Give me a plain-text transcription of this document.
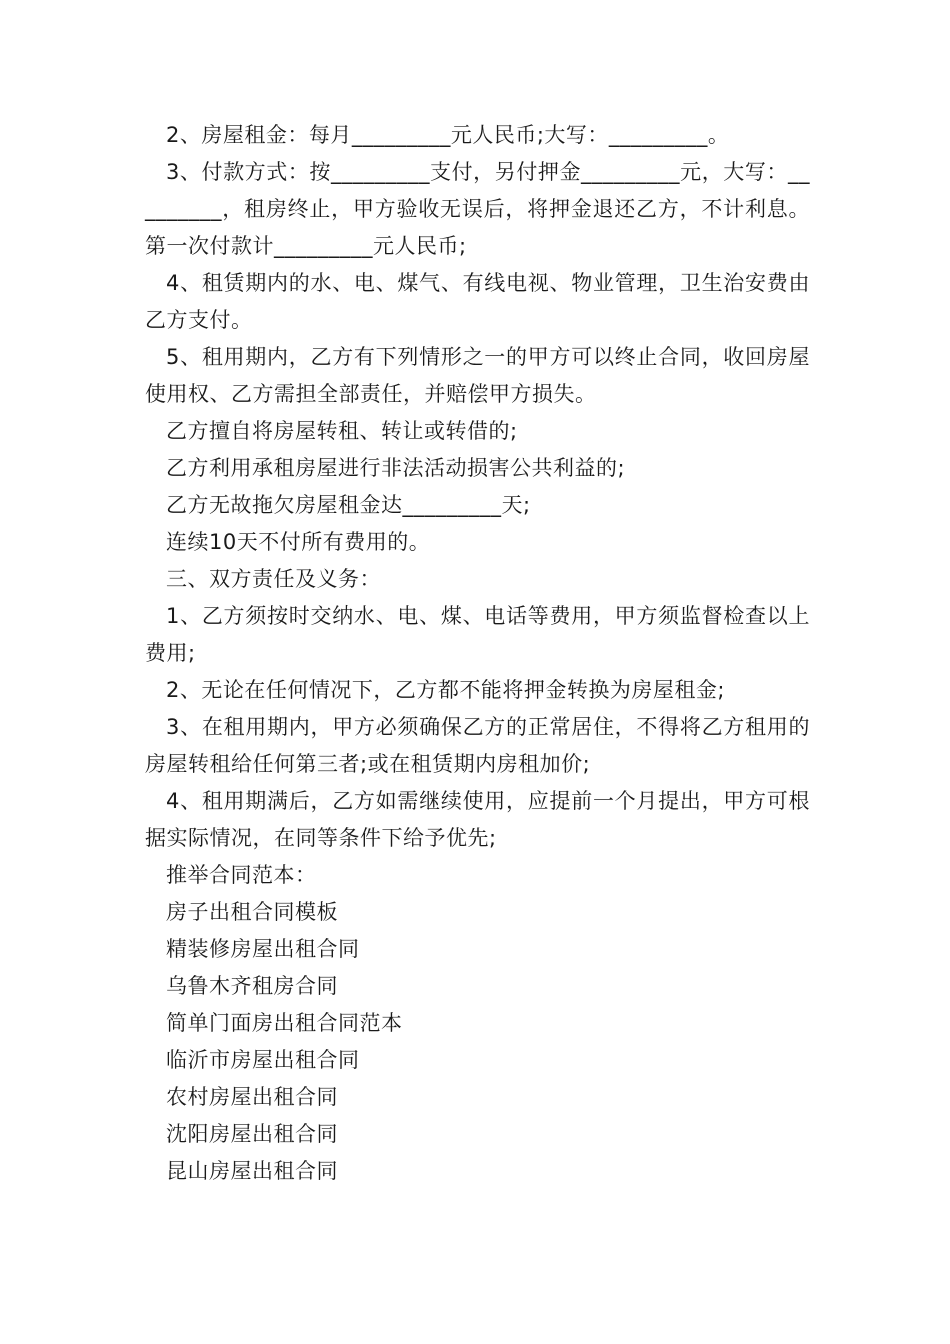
2、房屋租金：每月_________元人民币;大写：_________。

3、付款方式：按_________支付，另付押金_________元，大写：_________，租房终止，甲方验收无误后，将押金退还乙方，不计利息。第一次付款计_________元人民币;

4、租赁期内的水、电、煤气、有线电视、物业管理，卫生治安费由乙方支付。

5、租用期内，乙方有下列情形之一的甲方可以终止合同，收回房屋使用权、乙方需担全部责任，并赔偿甲方损失。

乙方擅自将房屋转租、转让或转借的;

乙方利用承租房屋进行非法活动损害公共利益的;

乙方无故拖欠房屋租金达_________天;

连续10天不付所有费用的。

三、双方责任及义务：

1、乙方须按时交纳水、电、煤、电话等费用，甲方须监督检查以上费用;

2、无论在任何情况下，乙方都不能将押金转换为房屋租金;

3、在租用期内，甲方必须确保乙方的正常居住，不得将乙方租用的房屋转租给任何第三者;或在租赁期内房租加价;

4、租用期满后，乙方如需继续使用，应提前一个月提出，甲方可根据实际情况，在同等条件下给予优先;

推举合同范本：

房子出租合同模板

精装修房屋出租合同

乌鲁木齐租房合同

简单门面房出租合同范本

临沂市房屋出租合同

农村房屋出租合同

沈阳房屋出租合同

昆山房屋出租合同
